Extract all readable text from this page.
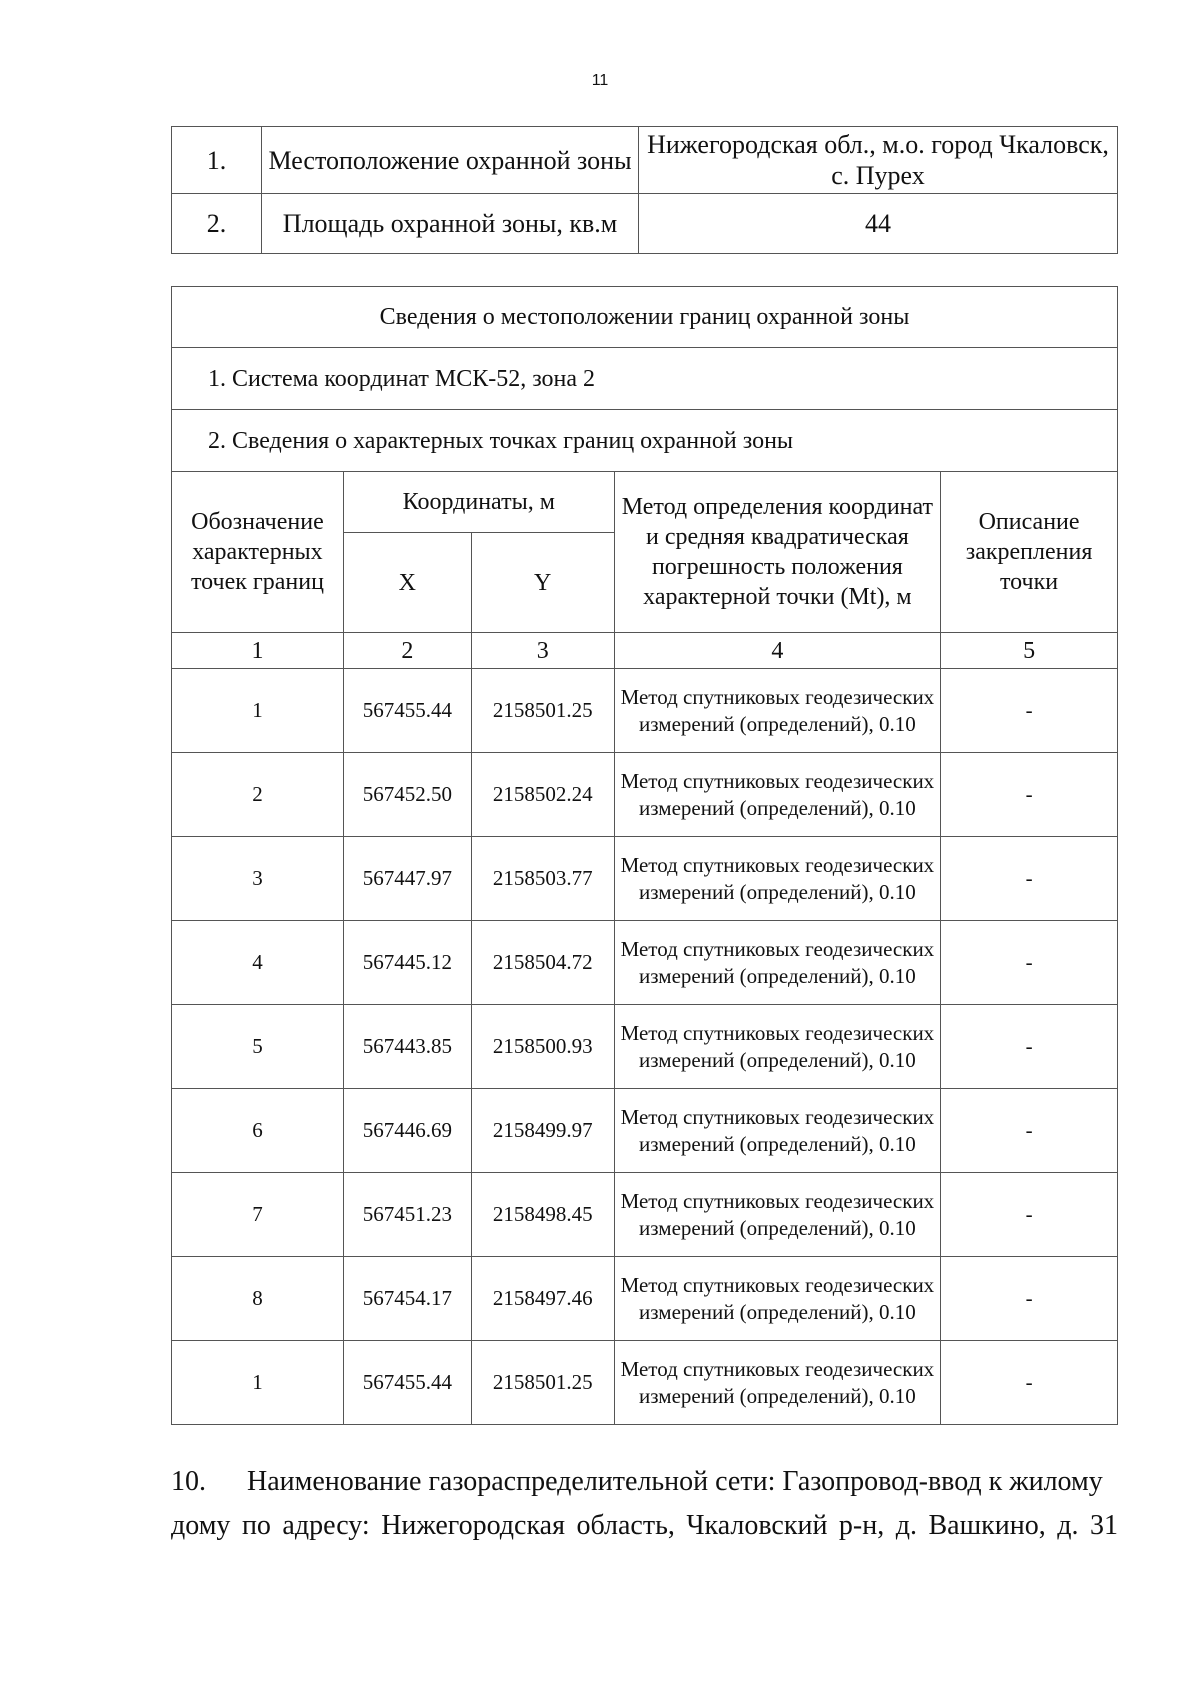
11
1.	Местоположение охранной зоны	Нижегородская обл., м.о. город Чкаловск, с. Пурех
2.	Площадь охранной зоны, кв.м	44
Сведения о местоположении границ охранной зоны				
1. Система координат МСК-52, зона 2				
2. Сведения о характерных точках границ охранной зоны				
Обозначение характерных точек границ	Координаты, м		Метод определения координат и средняя квадратическая погрешность положения характерной точки (Mt), м	Описание закрепления точки
	X	Y		
1	2	3	4	5
1	567455.44	2158501.25	Метод спутниковых геодезических измерений (определений), 0.10	-
2	567452.50	2158502.24	Метод спутниковых геодезических измерений (определений), 0.10	-
3	567447.97	2158503.77	Метод спутниковых геодезических измерений (определений), 0.10	-
4	567445.12	2158504.72	Метод спутниковых геодезических измерений (определений), 0.10	-
5	567443.85	2158500.93	Метод спутниковых геодезических измерений (определений), 0.10	-
6	567446.69	2158499.97	Метод спутниковых геодезических измерений (определений), 0.10	-
7	567451.23	2158498.45	Метод спутниковых геодезических измерений (определений), 0.10	-
8	567454.17	2158497.46	Метод спутниковых геодезических измерений (определений), 0.10	-
1	567455.44	2158501.25	Метод спутниковых геодезических измерений (определений), 0.10	-
10. Наименование газораспределительной сети: Газопровод-ввод к жилому
дому по адресу: Нижегородская область, Чкаловский р-н, д. Вашкино, д. 31
